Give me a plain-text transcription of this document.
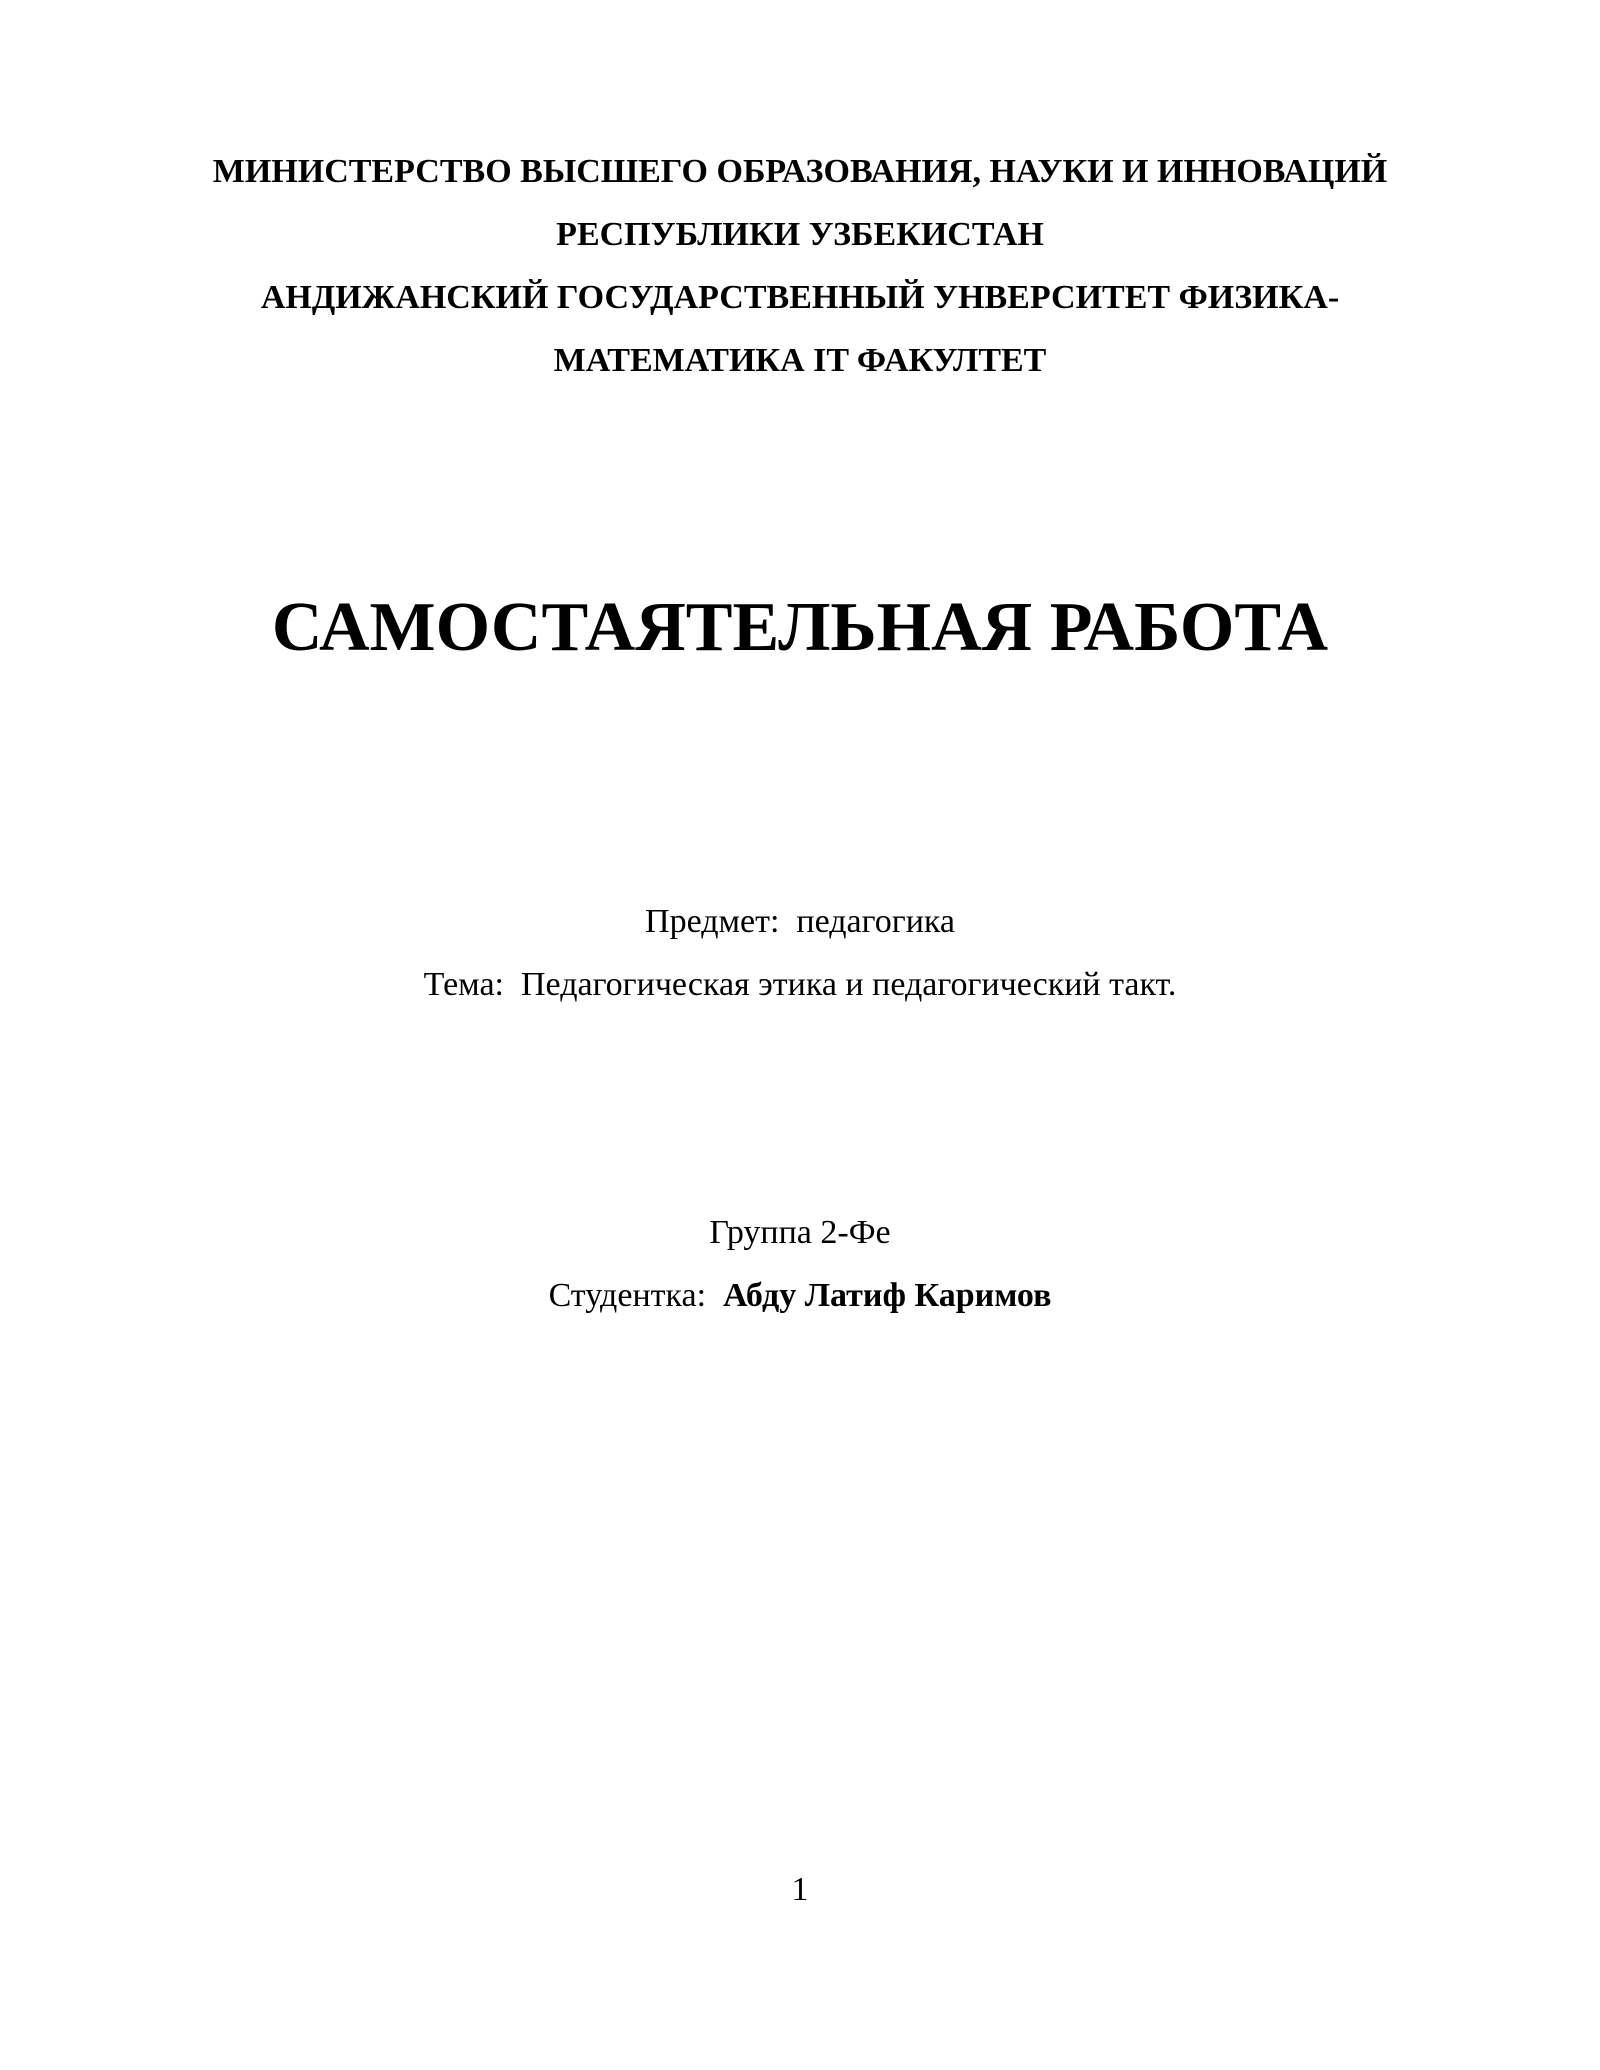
МИНИСТЕРСТВО ВЫСШЕГО ОБРАЗОВАНИЯ, НАУКИ И ИННОВАЦИЙ
РЕСПУБЛИКИ УЗБЕКИСТАН
АНДИЖАНСКИЙ ГОСУДАРСТВЕННЫЙ УНВЕРСИТЕТ ФИЗИКА-
МАТЕМАТИКА IT ФАКУЛТЕТ
САМОСТАЯТЕЛЬНАЯ РАБОТА
Предмет: педагогика
Тема: Педагогическая этика и педагогический такт.
Группа 2-Фе
Студентка: Абду Латиф Каримов
1
